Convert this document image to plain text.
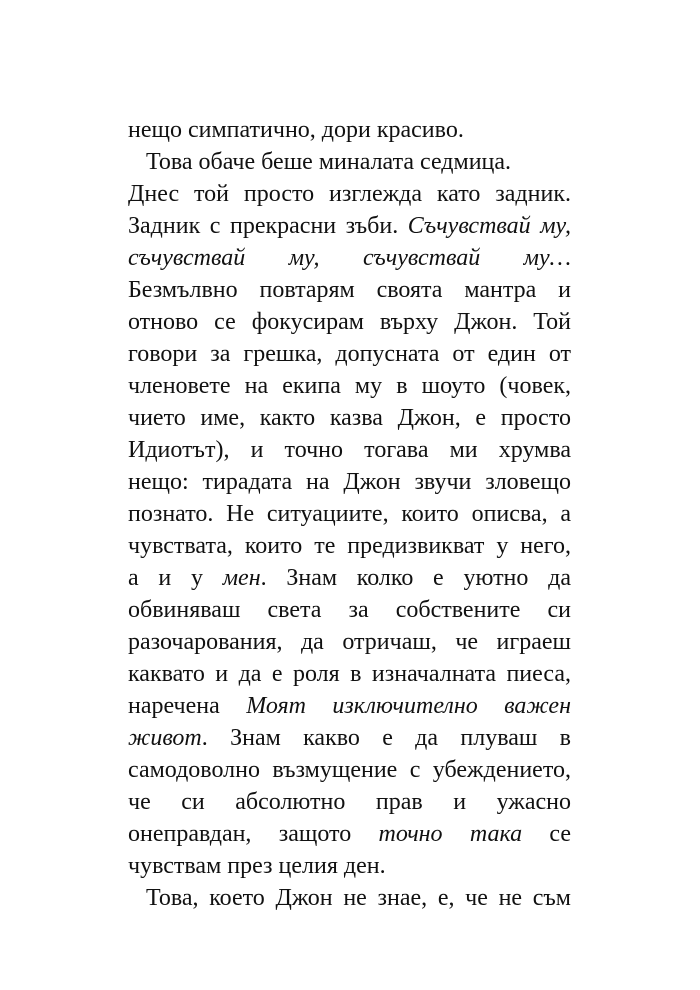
нещо симпатично, дори красиво.
Това обаче беше миналата седмица.
Днес той просто изглежда като задник.
Задник с прекрасни зъби. Съчувствай му,
съчувствай му, съчувствай му…
Безмълвно повтарям своята мантра и
отново се фокусирам върху Джон. Той
говори за грешка, допусната от един от
членовете на екипа му в шоуто (човек,
чието име, както казва Джон, е просто
Идиотът), и точно тогава ми хрумва
нещо: тирадата на Джон звучи зловещо
познато. Не ситуациите, които описва, а
чувствата, които те предизвикват у него,
а и у мен. Знам колко е уютно да
обвиняваш света за собствените си
разочарования, да отричаш, че играеш
каквато и да е роля в изначалната пиеса,
наречена Моят изключително важен
живот. Знам какво е да плуваш в
самодоволно възмущение с убеждението,
че си абсолютно прав и ужасно
онеправдан, защото точно така се
чувствам през целия ден.
Това, което Джон не знае, е, че не съм
